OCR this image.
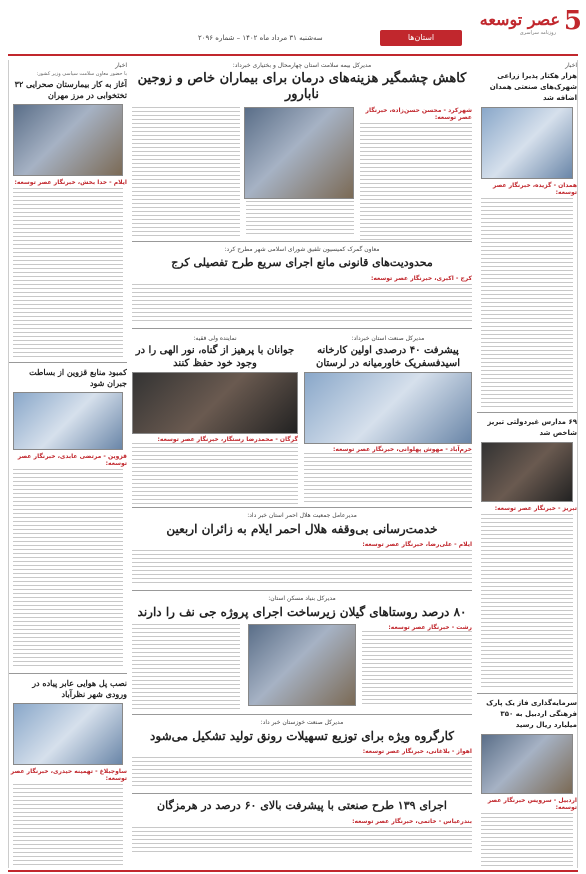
استان‌ها
سه‌شنبه ۳۱ مرداد ماه ۱۴۰۲ – شماره ۲۰۹۶
5
عصر توسعه
روزنامه سراسری
اخبار
هزار هکتار پذیرا زراعی شهرک‌های صنعتی همدان اضافه شد
همدان - گزیده، خبرنگار عصر توسعه:
۶۹ مدارس غیردولتی تبریز شاخص شد
تبریز - خبرنگار عصر توسعه:
سرمایه‌گذاری فاز یک پارک فرهنگی اردبیل به ۳۵۰ میلیارد ریال رسید
اردبیل - سرویس خبرنگار عصر توسعه:
مدیرکل بیمه سلامت استان چهارمحال و بختیاری خبرداد:
کاهش چشمگیر هزینه‌های درمان برای بیماران خاص و زوجین نابارور
شهرکرد - محسن حسن‌زاده، خبرنگار عصر توسعه:
معاون گمرک کمیسیون تلفیق شورای اسلامی شهر مطرح کرد:
محدودیت‌های قانونی مانع اجرای سریع طرح تفصیلی کرج
کرج - اکبری، خبرنگار عصر توسعه:
مدیرکل صنعت استان خبرداد:
پیشرفت ۴۰ درصدی اولین کارخانه اسیدفسفریک خاورمیانه در لرستان
خرم‌آباد - مهوش پهلوانی، خبرنگار عصر توسعه:
نماینده ولی فقیه:
جوانان با پرهیز از گناه، نور الهی را در وجود خود حفظ کنند
گرگان - محمدرضا رستگار، خبرنگار عصر توسعه:
مدیرعامل جمعیت هلال احمر استان خبر داد:
خدمت‌رسانی بی‌وقفه هلال احمر ایلام به زائران اربعین
ایلام - علی‌رضا، خبرنگار عصر توسعه:
مدیرکل بنیاد مسکن استان:
۸۰ درصد روستاهای گیلان زیرساخت اجرای پروژه جی نف را دارند
رشت - خبرنگار عصر توسعه:
مدیرکل صنعت خوزستان خبر داد:
کارگروه ویژه برای توزیع تسهیلات رونق تولید تشکیل می‌شود
اهواز - بلاغانی، خبرنگار عصر توسعه:
اجرای ۱۳۹ طرح صنعتی با پیشرفت بالای ۶۰ درصد در هرمزگان
بندرعباس - خاتمی، خبرنگار عصر توسعه:
اخبار
با حضور معاون سلامت سیاسی وزیر کشور:
آغاز به کار بیمارستان صحرایی ۳۲ تختخوابی در مرز مهران
ایلام - خدا بخش، خبرنگار عصر توسعه:
کمبود منابع قزوین از بساطت جبران شود
قزوین - مرتضی عابدی، خبرنگار عصر توسعه:
نصب پل هوایی عابر پیاده در ورودی شهر نظرآباد
ساوجبلاغ - تهمینه حیدری، خبرنگار عصر توسعه:
